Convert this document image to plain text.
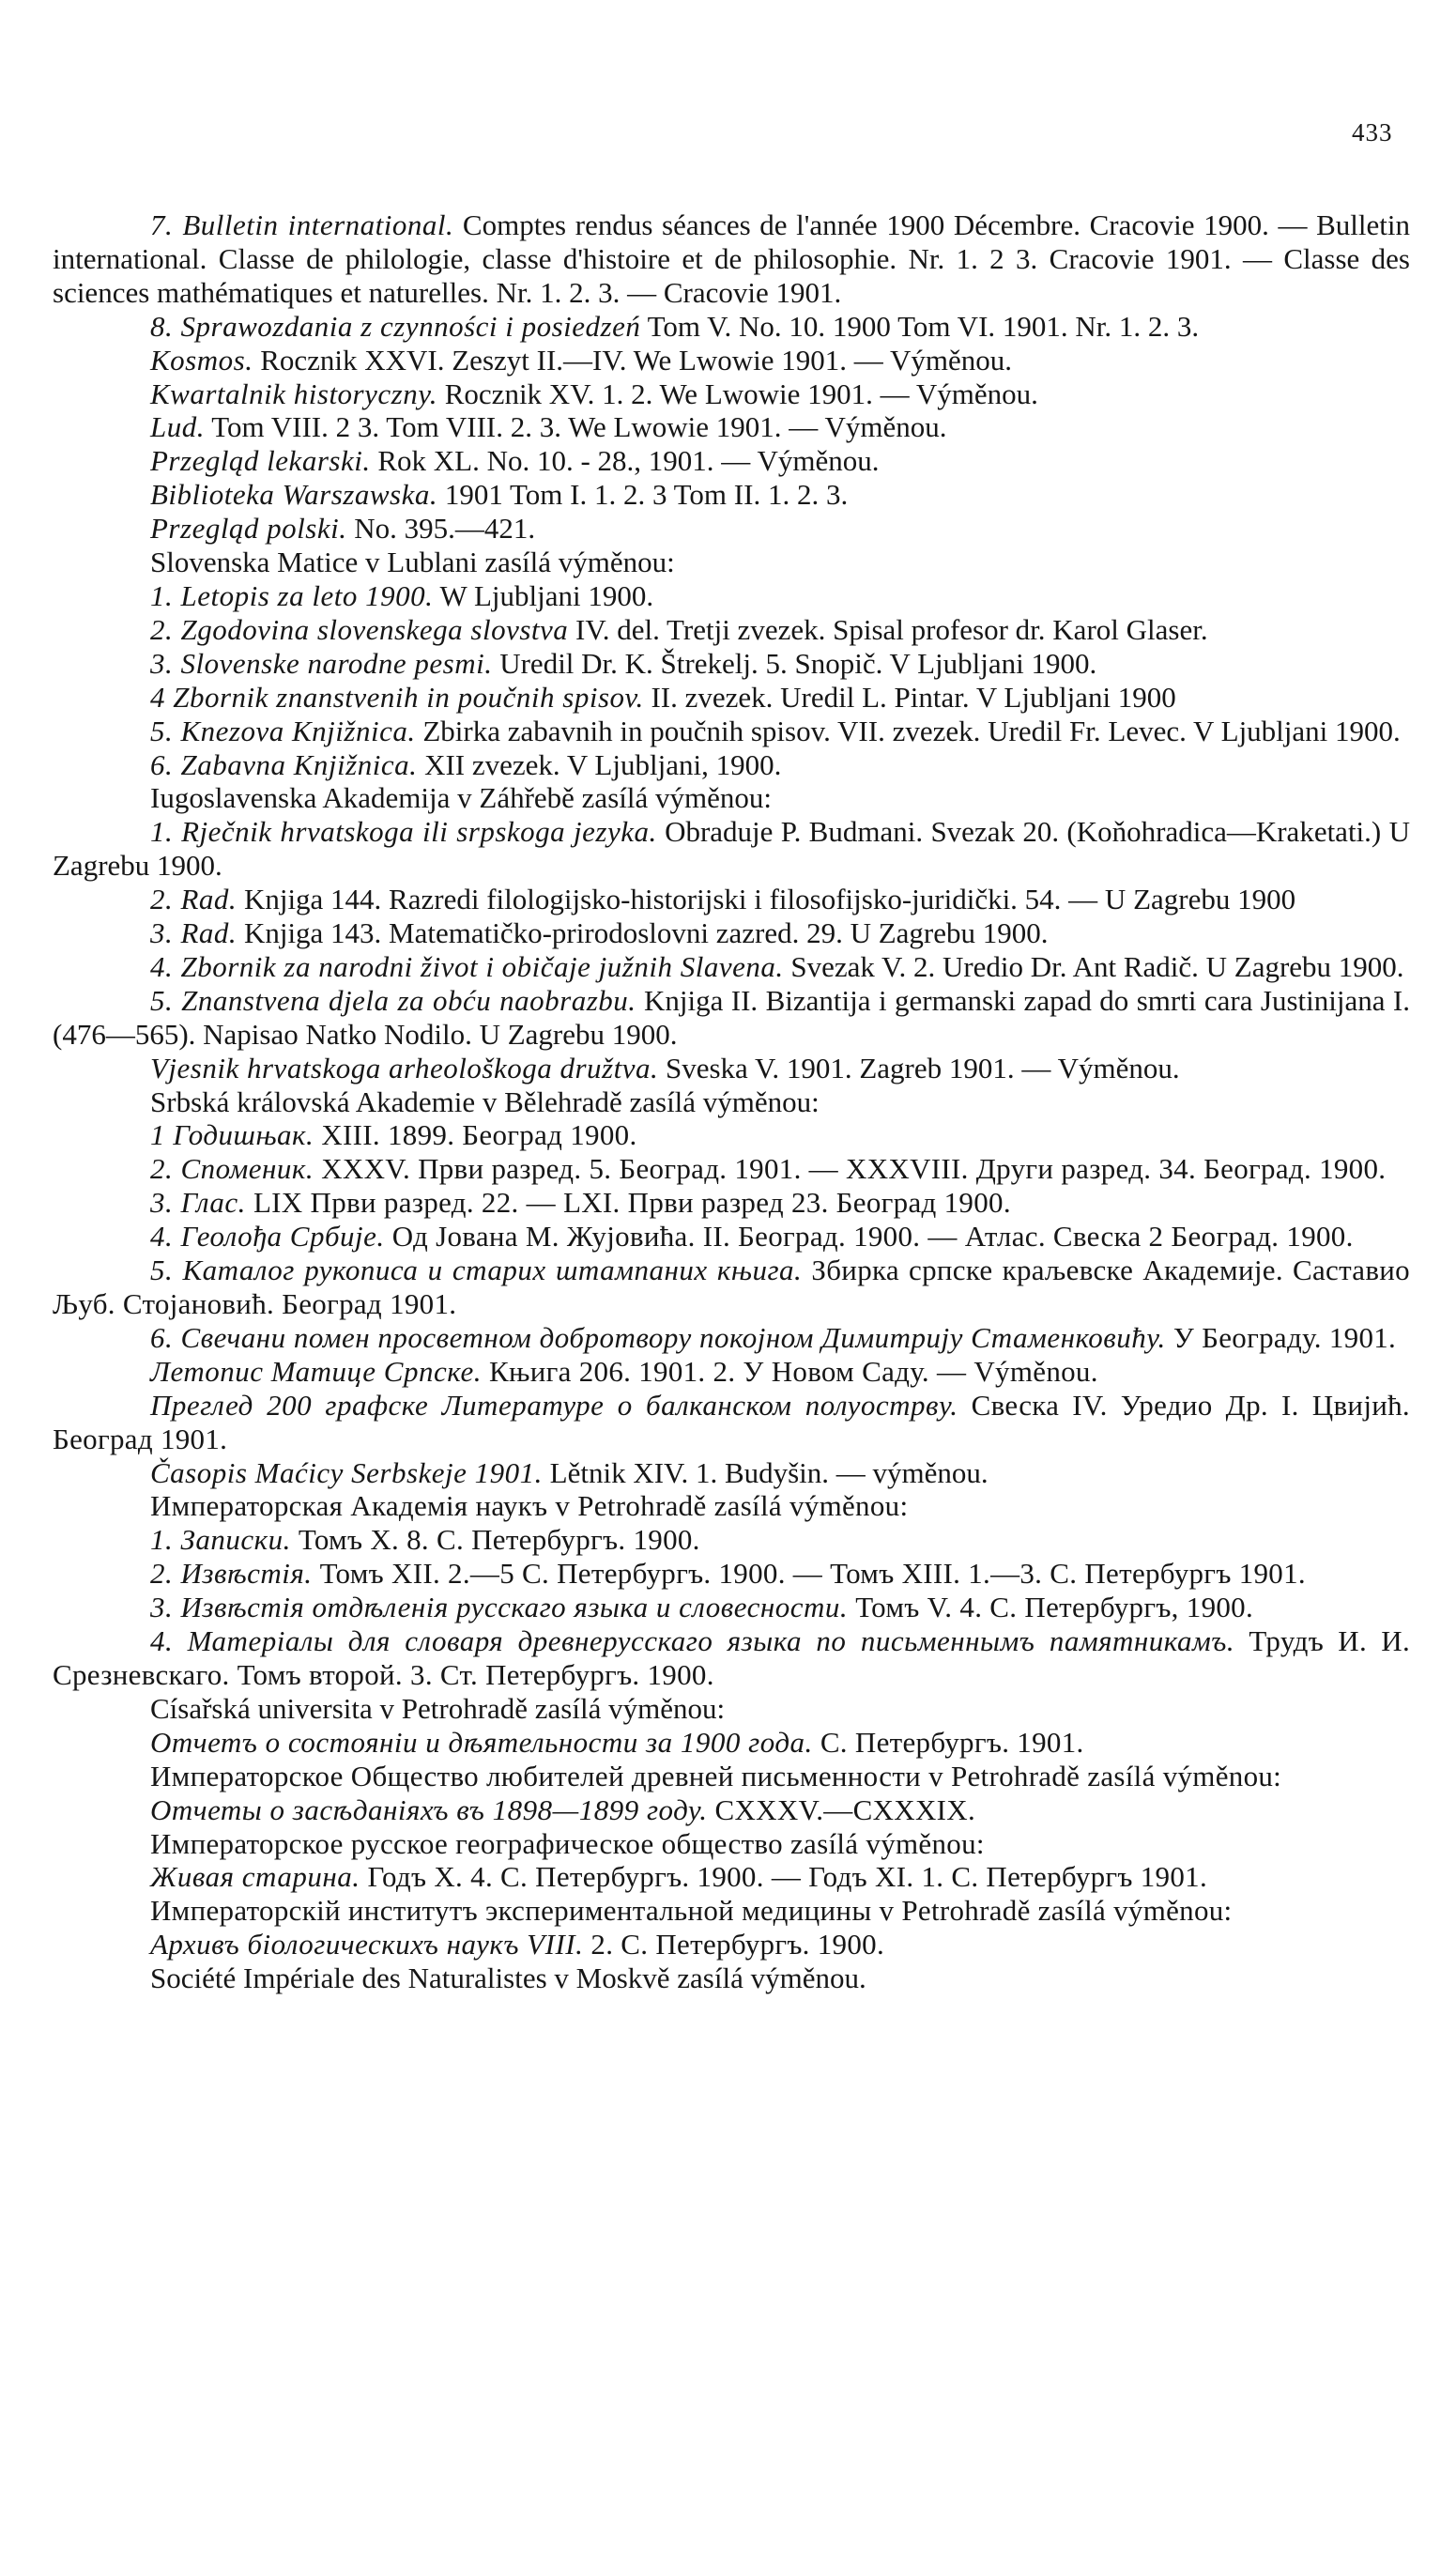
433

7. Bulletin international. Comptes rendus séances de l'année 1900 Décembre. Cracovie 1900. — Bulletin international. Classe de philologie, classe d'histoire et de philosophie. Nr. 1. 2 3. Cracovie 1901. — Classe des sciences mathématiques et naturelles. Nr. 1. 2. 3. — Cracovie 1901.

8. Sprawozdania z czynności i posiedzeń Tom V. No. 10. 1900 Tom VI. 1901. Nr. 1. 2. 3.

Kosmos. Rocznik XXVI. Zeszyt II.—IV. We Lwowie 1901. — Výměnou.

Kwartalnik historyczny. Rocznik XV. 1. 2. We Lwowie 1901. — Výměnou.

Lud. Tom VIII. 2 3. Tom VIII. 2. 3. We Lwowie 1901. — Výměnou.

Przegląd lekarski. Rok XL. No. 10. - 28., 1901. — Výměnou.

Biblioteka Warszawska. 1901 Tom I. 1. 2. 3 Tom II. 1. 2. 3.

Przegląd polski. No. 395.—421.

Slovenska Matice v Lublani zasílá výměnou:

1. Letopis za leto 1900. W Ljubljani 1900.

2. Zgodovina slovenskega slovstva IV. del. Tretji zvezek. Spisal profesor dr. Karol Glaser.

3. Slovenske narodne pesmi. Uredil Dr. K. Štrekelj. 5. Snopič. V Ljubljani 1900.

4 Zbornik znanstvenih in poučnih spisov. II. zvezek. Uredil L. Pintar. V Ljubljani 1900

5. Knezova Knjižnica. Zbirka zabavnih in poučnih spisov. VII. zvezek. Uredil Fr. Levec. V Ljubljani 1900.

6. Zabavna Knjižnica. XII zvezek. V Ljubljani, 1900.

Iugoslavenska Akademija v Záhřebě zasílá výměnou:

1. Rječnik hrvatskoga ili srpskoga jezyka. Obraduje P. Budmani. Svezak 20. (Koňohradica—Kraketati.) U Zagrebu 1900.

2. Rad. Knjiga 144. Razredi filologijsko-historijski i filosofijsko-juridički. 54. — U Zagrebu 1900

3. Rad. Knjiga 143. Matematičko-prirodoslovni zazred. 29. U Zagrebu 1900.

4. Zbornik za narodni život i običaje južnih Slavena. Svezak V. 2. Uredio Dr. Ant Radič. U Zagrebu 1900.

5. Znanstvena djela za obću naobrazbu. Knjiga II. Bizantija i germanski zapad do smrti cara Justinijana I. (476—565). Napisao Natko Nodilo. U Zagrebu 1900.

Vjesnik hrvatskoga arheološkoga družtva. Sveska V. 1901. Zagreb 1901. — Výměnou.

Srbská královská Akademie v Bělehradě zasílá výměnou:

1 Годишњак. XIII. 1899. Београд 1900.

2. Споменик. XXXV. Први разред. 5. Београд. 1901. — XXXVIII. Други разред. 34. Београд. 1900.

3. Глас. LIX Први разред. 22. — LXI. Први разред 23. Београд 1900.

4. Геолођа Србије. Од Јована М. Жујовића. II. Београд. 1900. — Атлас. Свеска 2 Београд. 1900.

5. Каталог рукописа и старих штампаних књига. Збирка српске краљевске Академије. Саставио Љуб. Стојановић. Београд 1901.

6. Свечани помен просветном добротвору покојном Димитрију Стаменковићу. У Београду. 1901.

Летопис Матице Српске. Књига 206. 1901. 2. У Новом Саду. — Výměnou.

Преглед 200 графске Литературе о балканском полуострву. Свеска IV. Уредио Др. I. Цвијић. Београд 1901.

Časopis Maćicy Serbskeje 1901. Lětnik XIV. 1. Budyšin. — výměnou.

Императорская Академія наукъ v Petrohradě zasílá výměnou:

1. Записки. Томъ X. 8. С. Петербургъ. 1900.

2. Извѣстія. Томъ XII. 2.—5 С. Петербургъ. 1900. — Томъ XIII. 1.—3. С. Петербургъ 1901.

3. Извѣстія отдѣленія русскаго языка и словесности. Томъ V. 4. С. Петербургъ, 1900.

4. Матеріалы для словаря древнерусскаго языка по письменнымъ памятникамъ. Трудъ И. И. Срезневскаго. Томъ второй. 3. Ст. Петербургъ. 1900.

Císařská universita v Petrohradě zasílá výměnou:

Отчетъ о состояніи и дѣятельности за 1900 года. С. Петербургъ. 1901.

Императорское Общество любителей древней письменности v Petrohradě zasílá výměnou:

Отчеты о засѣданіяхъ въ 1898—1899 году. CXXXV.—CXXXIX.

Императорское русское географическое общество zasílá výměnou:

Живая старина. Годъ X. 4. С. Петербургъ. 1900. — Годъ XI. 1. С. Петербургъ 1901.

Императорскій институтъ экспериментальной медицины v Petrohradě zasílá výměnou:

Архивъ біологическихъ наукъ VIII. 2. С. Петербургъ. 1900.

Société Impériale des Naturalistes v Moskvě zasílá výměnou.
